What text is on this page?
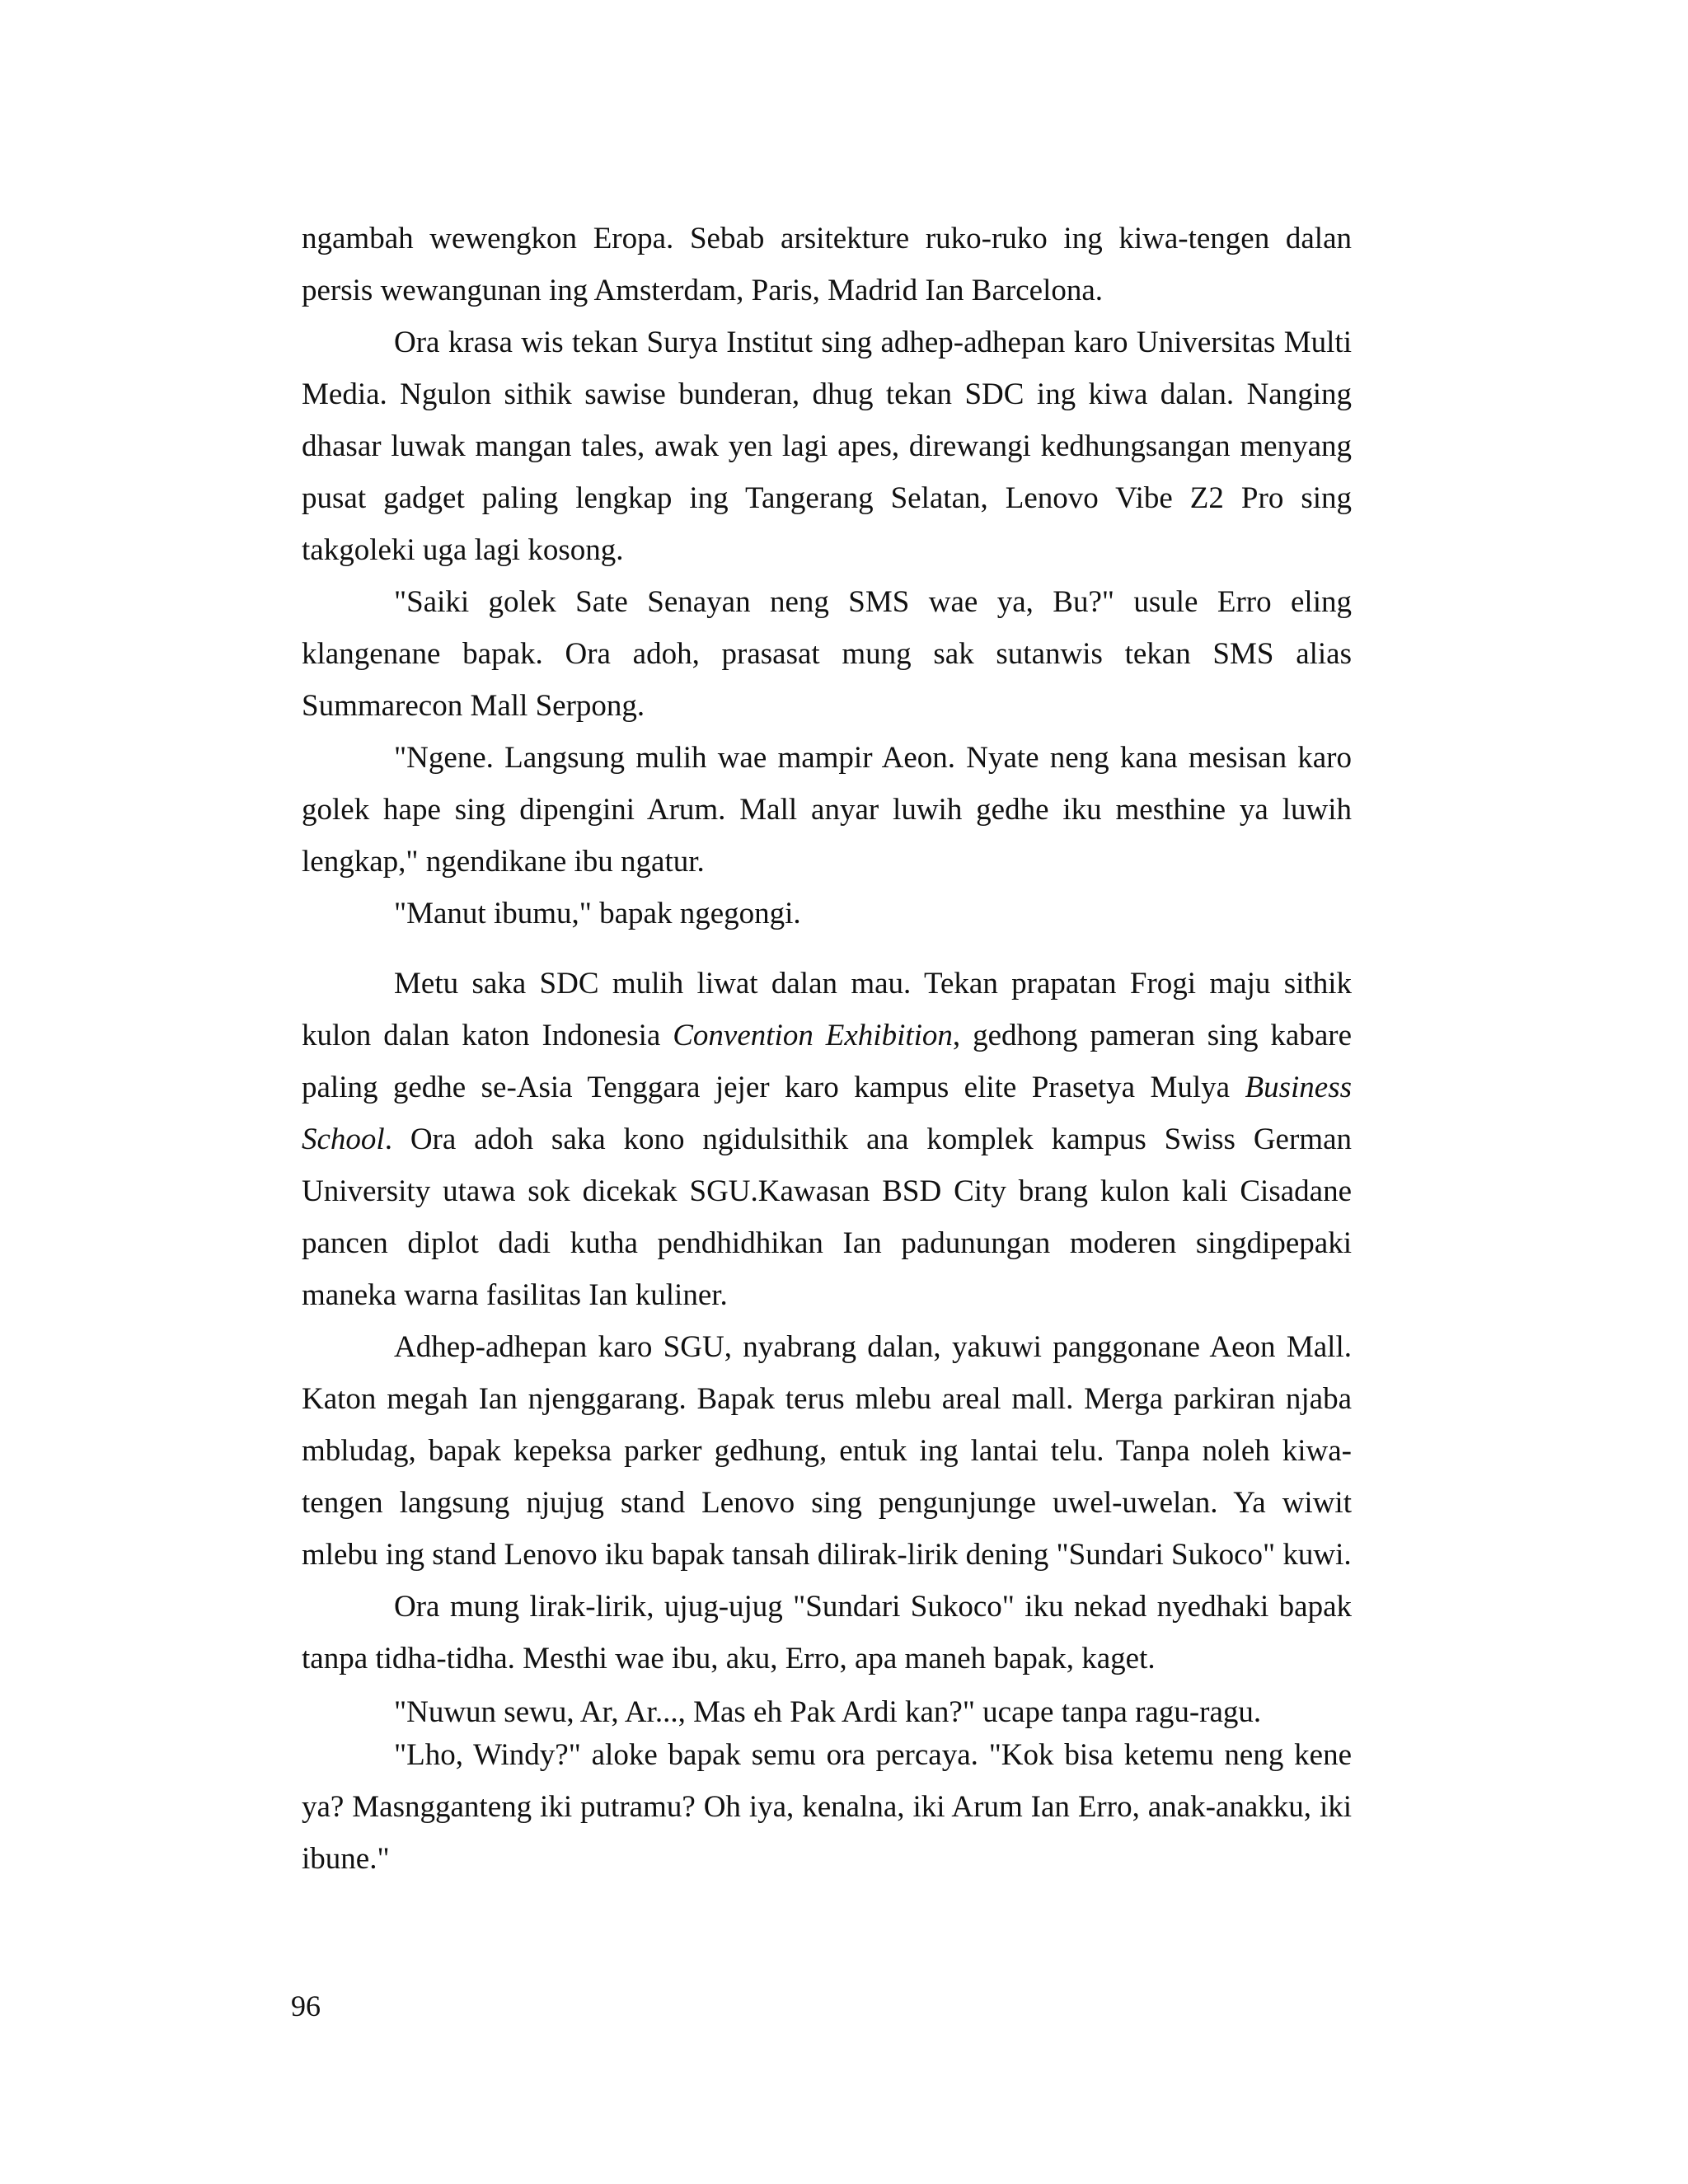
ngambah wewengkon Eropa. Sebab arsitekture ruko-ruko ing kiwa-tengen dalan persis wewangunan ing Amsterdam, Paris, Madrid Ian Barcelona.

Ora krasa wis tekan Surya Institut sing adhep-adhepan karo Universitas Multi Media. Ngulon sithik sawise bunderan, dhug tekan SDC ing kiwa dalan. Nanging dhasar luwak mangan tales, awak yen lagi apes, direwangi kedhungsangan menyang pusat gadget paling lengkap ing Tangerang Selatan, Lenovo Vibe Z2 Pro sing takgoleki uga lagi kosong.

"Saiki golek Sate Senayan neng SMS wae ya, Bu?" usule Erro eling klangenane bapak. Ora adoh, prasasat mung sak sutanwis tekan SMS alias Summarecon Mall Serpong.

"Ngene. Langsung mulih wae mampir Aeon. Nyate neng kana mesisan karo golek hape sing dipengini Arum. Mall anyar luwih gedhe iku mesthine ya luwih lengkap," ngendikane ibu ngatur.

"Manut ibumu," bapak ngegongi.

Metu saka SDC mulih liwat dalan mau. Tekan prapatan Frogi maju sithik kulon dalan katon Indonesia Convention Exhibition, gedhong pameran sing kabare paling gedhe se-Asia Tenggara jejer karo kampus elite Prasetya Mulya Business School. Ora adoh saka kono ngidulsithik ana komplek kampus Swiss German University utawa sok dicekak SGU.Kawasan BSD City brang kulon kali Cisadane pancen diplot dadi kutha pendhidhikan Ian padunungan moderen singdipepaki maneka warna fasilitas Ian kuliner.

Adhep-adhepan karo SGU, nyabrang dalan, yakuwi panggonane Aeon Mall. Katon megah Ian njenggarang. Bapak terus mlebu areal mall. Merga parkiran njaba mbludag, bapak kepeksa parker gedhung, entuk ing lantai telu. Tanpa noleh kiwa-tengen langsung njujug stand Lenovo sing pengunjunge uwel-uwelan. Ya wiwit mlebu ing stand Lenovo iku bapak tansah dilirak-lirik dening "Sundari Sukoco" kuwi.

Ora mung lirak-lirik, ujug-ujug "Sundari Sukoco" iku nekad nyedhaki bapak tanpa tidha-tidha. Mesthi wae ibu, aku, Erro, apa maneh bapak, kaget.

"Nuwun sewu, Ar, Ar..., Mas eh Pak Ardi kan?" ucape tanpa ragu-ragu.

"Lho, Windy?" aloke bapak semu ora percaya. "Kok bisa ketemu neng kene ya? Masngganteng iki putramu? Oh iya, kenalna, iki Arum Ian Erro, anak-anakku, iki ibune."

96
